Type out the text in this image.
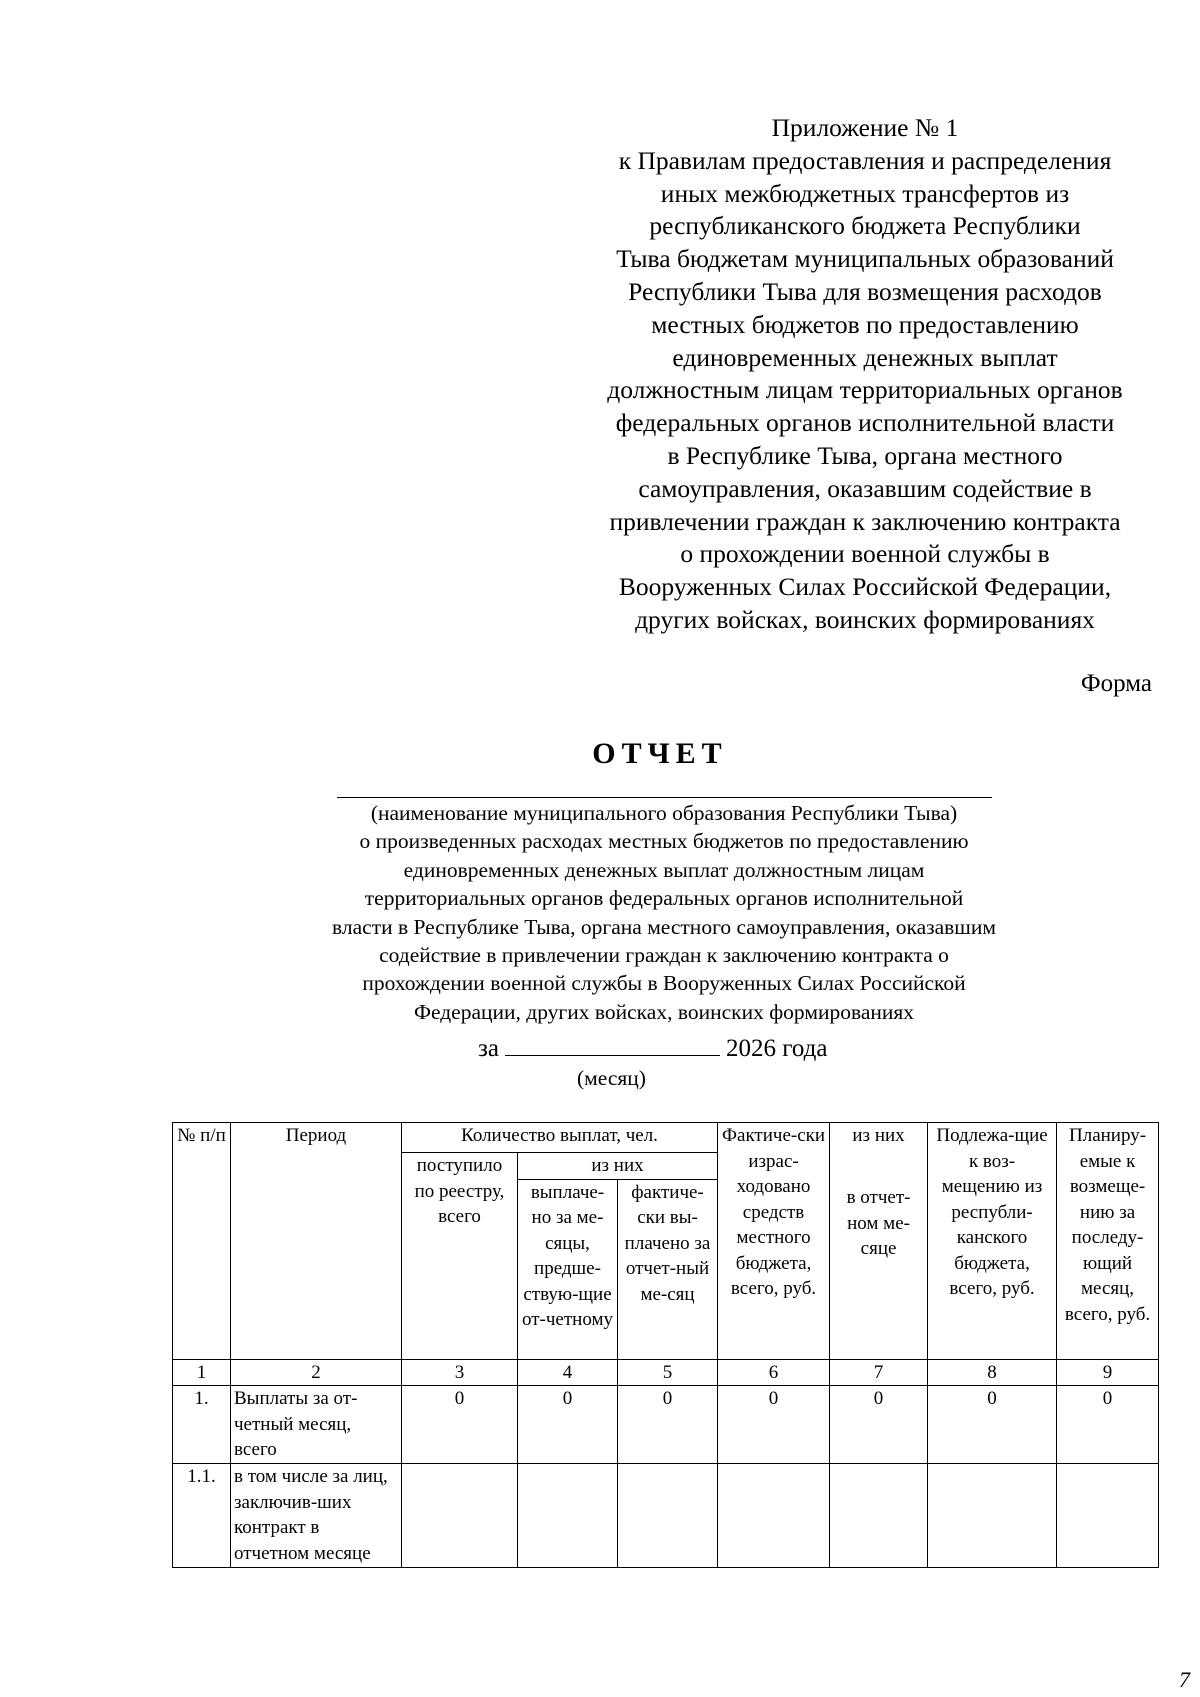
Приложение № 1
к Правилам предоставления и распределения
иных межбюджетных трансфертов из
республиканского бюджета Республики
Тыва бюджетам муниципальных образований
Республики Тыва для возмещения расходов
местных бюджетов по предоставлению
единовременных денежных выплат
должностным лицам территориальных органов
федеральных органов исполнительной власти
в Республике Тыва, органа местного
самоуправления, оказавшим содействие в
привлечении граждан к заключению контракта
о прохождении военной службы в
Вооруженных Силах Российской Федерации,
других войсках, воинских формированиях
Форма
ОТЧЕТ
(наименование муниципального образования Республики Тыва)
о произведенных расходах местных бюджетов по предоставлению
единовременных денежных выплат должностным лицам
территориальных органов федеральных органов исполнительной
власти в Республике Тыва, органа местного самоуправления, оказавшим
содействие в привлечении граждан к заключению контракта о
прохождении военной службы в Вооруженных Силах Российской
Федерации, других войсках, воинских формированиях
за	2026 года
(месяц)
№ п/п	Период	Количество выплат, чел.			Фактиче-ски израс-ходовано средств местного бюджета, всего, руб.	из них	Подлежа-щие к воз-мещению из республи-канского бюджета, всего, руб.	Планиру-емые к возмеще-нию за последу-ющий месяц, всего, руб.
		поступило по реестру, всего	из них					
			выплаче-но за ме-сяцы, предше-ствую-щие от-четному	фактиче-ски вы-плачено за отчет-ный ме-сяц		в отчет-ном ме-сяце		
1	2	3	4	5	6	7	8	9
1.	Выплаты за от-четный месяц, всего	0	0	0	0	0	0	0
1.1.	в том числе за лиц, заключив-ших контракт в отчетном месяце							
7
